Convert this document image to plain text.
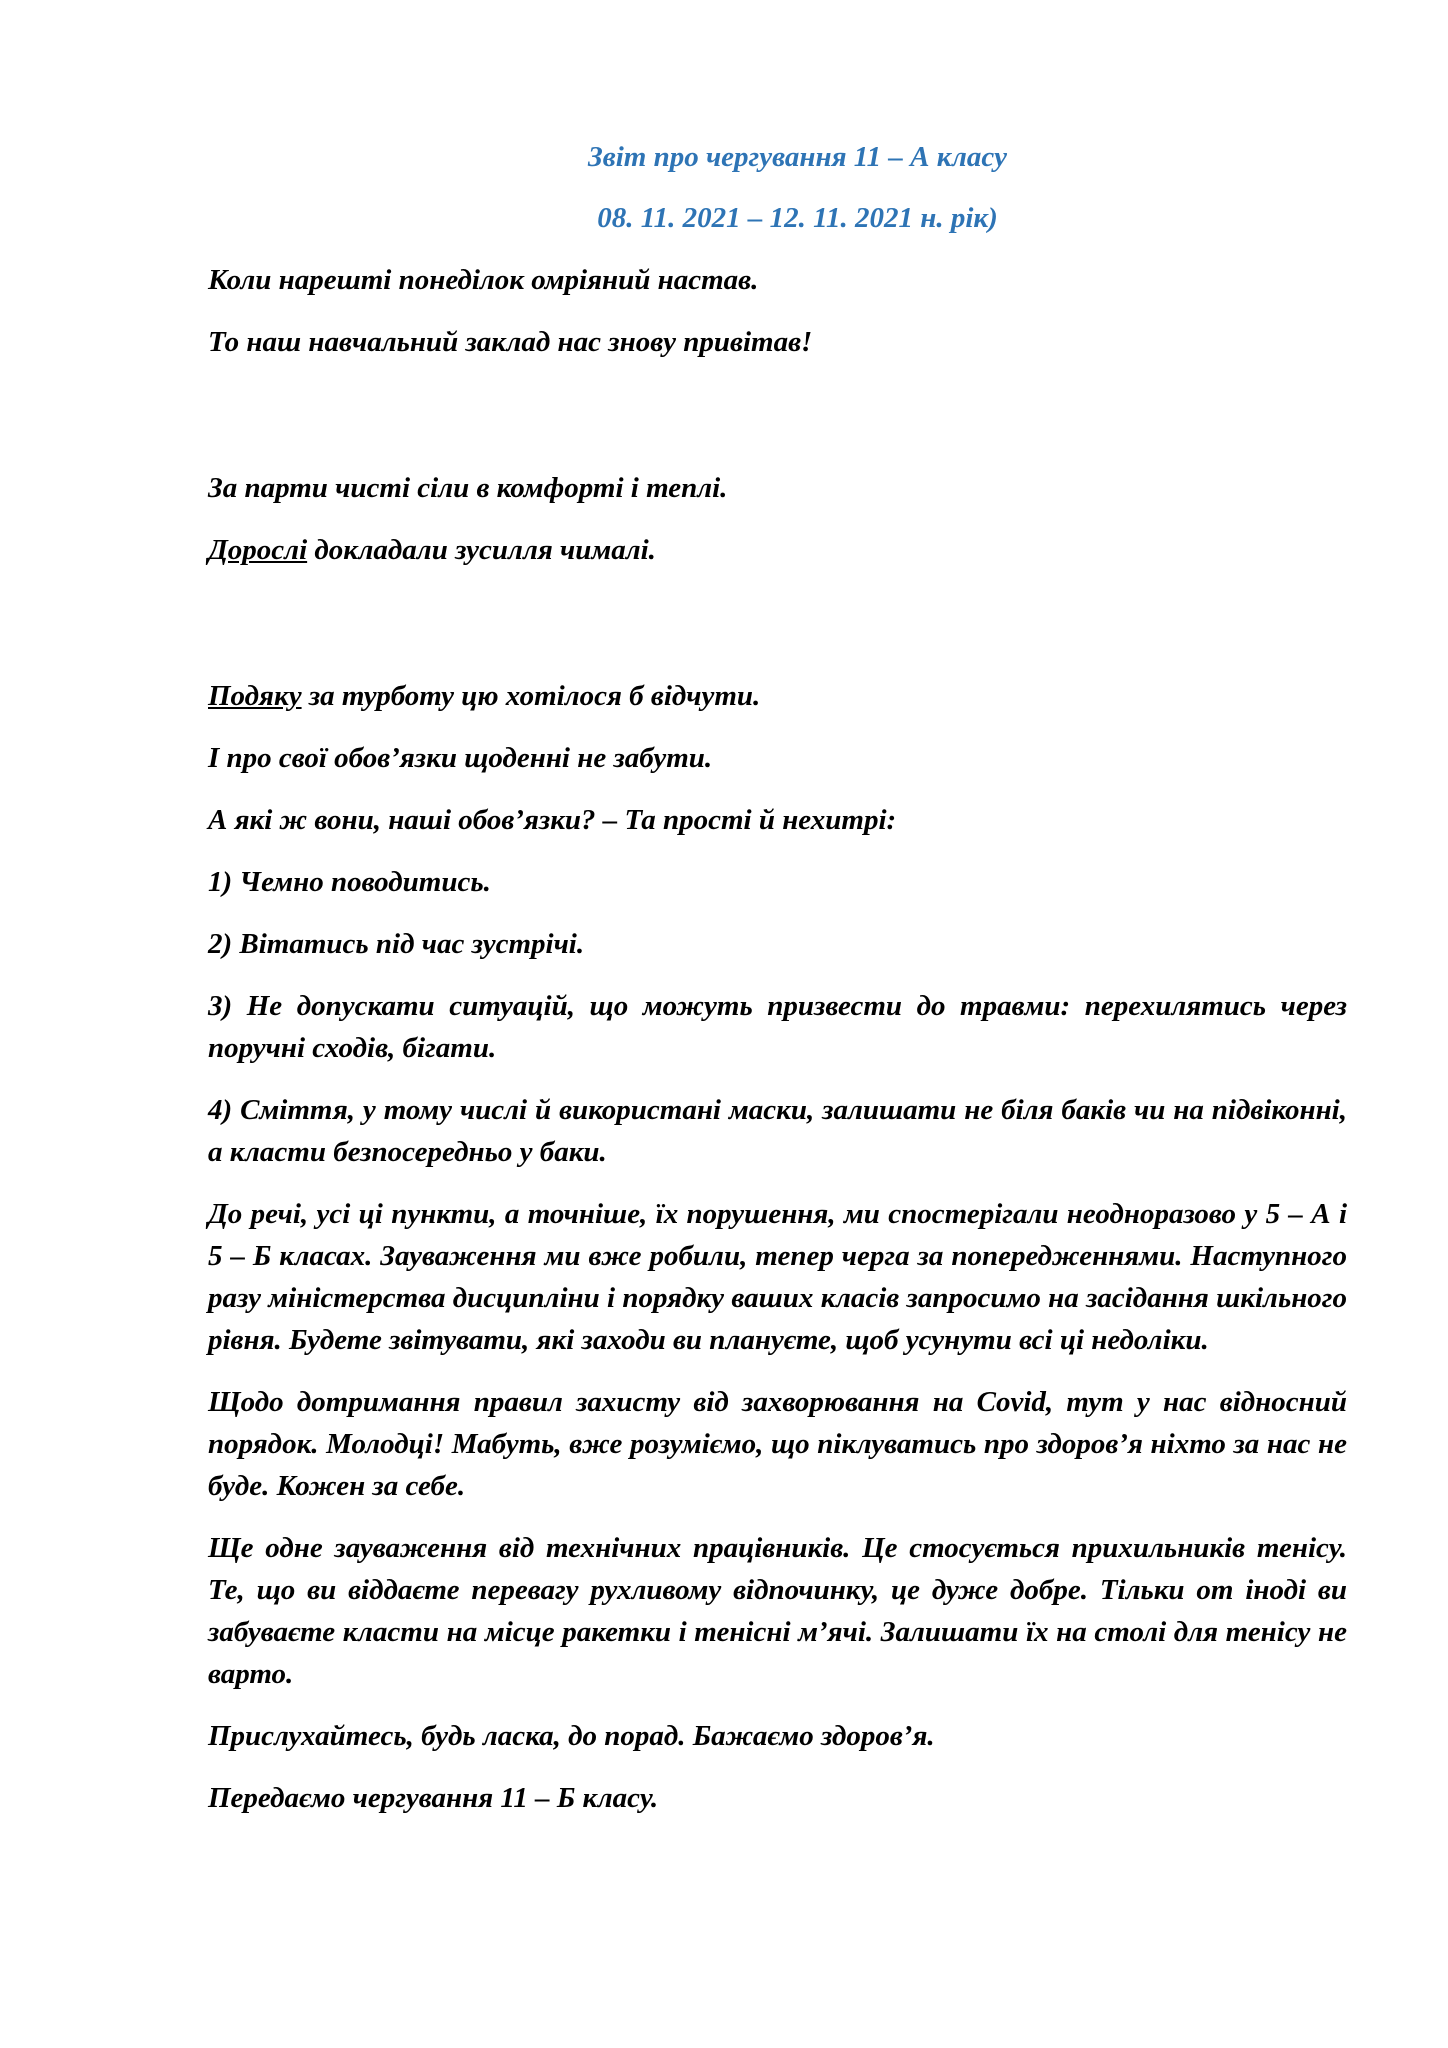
Звіт про чергування 11 – А класу

08. 11. 2021 – 12. 11. 2021 н. рік)

Коли нарешті понеділок омріяний настав.

То наш навчальний заклад нас знову привітав!

За парти чисті сіли в комфорті і теплі.

Дорослі докладали зусилля чималі.

Подяку за турботу цю хотілося б відчути.

І про свої обов’язки щоденні не забути.

А які ж вони, наші обов’язки? – Та прості й нехитрі:

1) Чемно поводитись.

2) Вітатись під час зустрічі.

3) Не допускати ситуацій, що можуть призвести до травми: перехилятись через поручні сходів, бігати.

4) Сміття, у тому числі й використані маски, залишати не біля баків чи на підвіконні, а класти безпосередньо у баки.

До речі, усі ці пункти, а точніше, їх порушення, ми спостерігали неодноразово у 5 – А і 5 – Б класах. Зауваження ми вже робили, тепер черга за попередженнями. Наступного разу міністерства дисципліни і порядку ваших класів запросимо на засідання шкільного рівня. Будете звітувати, які заходи ви плануєте, щоб усунути всі ці недоліки.

Щодо дотримання правил захисту від захворювання на Covid, тут у нас відносний порядок. Молодці! Мабуть, вже розуміємо, що піклуватись про здоров’я ніхто за нас не буде. Кожен за себе.

Ще одне зауваження від технічних працівників. Це стосується прихильників тенісу. Те, що ви віддаєте перевагу рухливому відпочинку, це дуже добре. Тільки от іноді ви забуваєте класти на місце ракетки і тенісні м’ячі. Залишати їх на столі для тенісу не варто.

Прислухайтесь, будь ласка, до порад. Бажаємо здоров’я.

Передаємо чергування 11 – Б класу.
